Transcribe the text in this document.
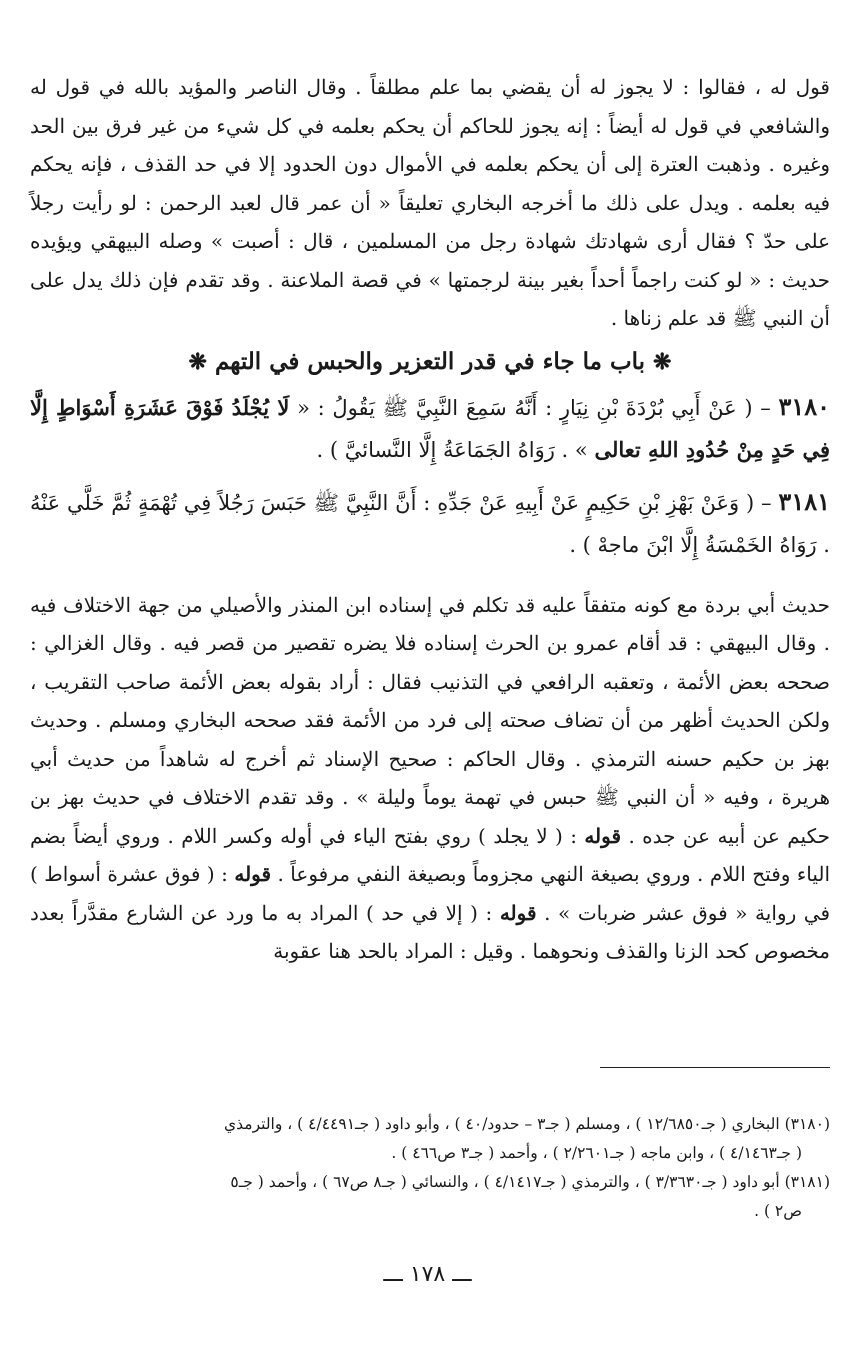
قول له ، فقالوا : لا يجوز له أن يقضي بما علم مطلقاً . وقال الناصر والمؤيد بالله في قول له والشافعي في قول له أيضاً : إنه يجوز للحاكم أن يحكم بعلمه في كل شيء من غير فرق بين الحد وغيره . وذهبت العترة إلى أن يحكم بعلمه في الأموال دون الحدود إلا في حد القذف ، فإنه يحكم فيه بعلمه . ويدل على ذلك ما أخرجه البخاري تعليقاً « أن عمر قال لعبد الرحمن : لو رأيت رجلاً على حدّ ؟ فقال أرى شهادتك شهادة رجل من المسلمين ، قال : أصبت » وصله البيهقي ويؤيده حديث : « لو كنت راجماً أحداً بغير بينة لرجمتها » في قصة الملاعنة . وقد تقدم فإن ذلك يدل على أن النبي ﷺ قد علم زناها .

❋ باب ما جاء في قدر التعزير والحبس في التهم ❋

٣١٨٠ – ( عَنْ أَبِي بُرْدَةَ بْنِ نِيَارٍ : أَنَّهُ سَمِعَ النَّبِيَّ ﷺ يَقُولُ : « لَا يُجْلَدُ فَوْقَ عَشَرَةِ أَسْوَاطٍ إِلَّا فِي حَدٍ مِنْ حُدُودِ اللهِ تعالى » . رَوَاهُ الجَمَاعَةُ إِلَّا النَّسائيَّ ) .

٣١٨١ – ( وَعَنْ بَهْزِ بْنِ حَكِيمٍ عَنْ أَبِيهِ عَنْ جَدِّهِ : أَنَّ النَّبِيَّ ﷺ حَبَسَ رَجُلاً فِي تُهْمَةٍ ثُمَّ خَلَّي عَنْهُ . رَوَاهُ الخَمْسَةُ إِلَّا ابْنَ ماجهْ ) .

حديث أبي بردة مع كونه متفقاً عليه قد تكلم في إسناده ابن المنذر والأصيلي من جهة الاختلاف فيه . وقال البيهقي : قد أقام عمرو بن الحرث إسناده فلا يضره تقصير من قصر فيه . وقال الغزالي : صححه بعض الأئمة ، وتعقبه الرافعي في التذنيب فقال : أراد بقوله بعض الأئمة صاحب التقريب ، ولكن الحديث أظهر من أن تضاف صحته إلى فرد من الأئمة فقد صححه البخاري ومسلم . وحديث بهز بن حكيم حسنه الترمذي . وقال الحاكم : صحيح الإسناد ثم أخرج له شاهداً من حديث أبي هريرة ، وفيه « أن النبي ﷺ حبس في تهمة يوماً وليلة » . وقد تقدم الاختلاف في حديث بهز بن حكيم عن أبيه عن جده . قوله : ( لا يجلد ) روي بفتح الياء في أوله وكسر اللام . وروي أيضاً بضم الياء وفتح اللام . وروي بصيغة النهي مجزوماً وبصيغة النفي مرفوعاً . قوله : ( فوق عشرة أسواط ) في رواية « فوق عشر ضربات » . قوله : ( إلا في حد ) المراد به ما ورد عن الشارع مقدَّراً بعدد مخصوص كحد الزنا والقذف ونحوهما . وقيل : المراد بالحد هنا عقوبة

(٣١٨٠) البخاري ( جـ١٢/٦٨٥٠ ) ، ومسلم ( جـ٣ – حدود/٤٠ ) ، وأبو داود ( جـ٤/٤٤٩١ ) ، والترمذي

( جـ٤/١٤٦٣ ) ، وابن ماجه ( جـ٢/٢٦٠١ ) ، وأحمد ( جـ٣ ص٤٦٦ ) .

(٣١٨١) أبو داود ( جـ٣/٣٦٣٠ ) ، والترمذي ( جـ٤/١٤١٧ ) ، والنسائي ( جـ٨ ص٦٧ ) ، وأحمد ( جـ٥

ص٢ ) .

ـــ ١٧٨ ـــ
